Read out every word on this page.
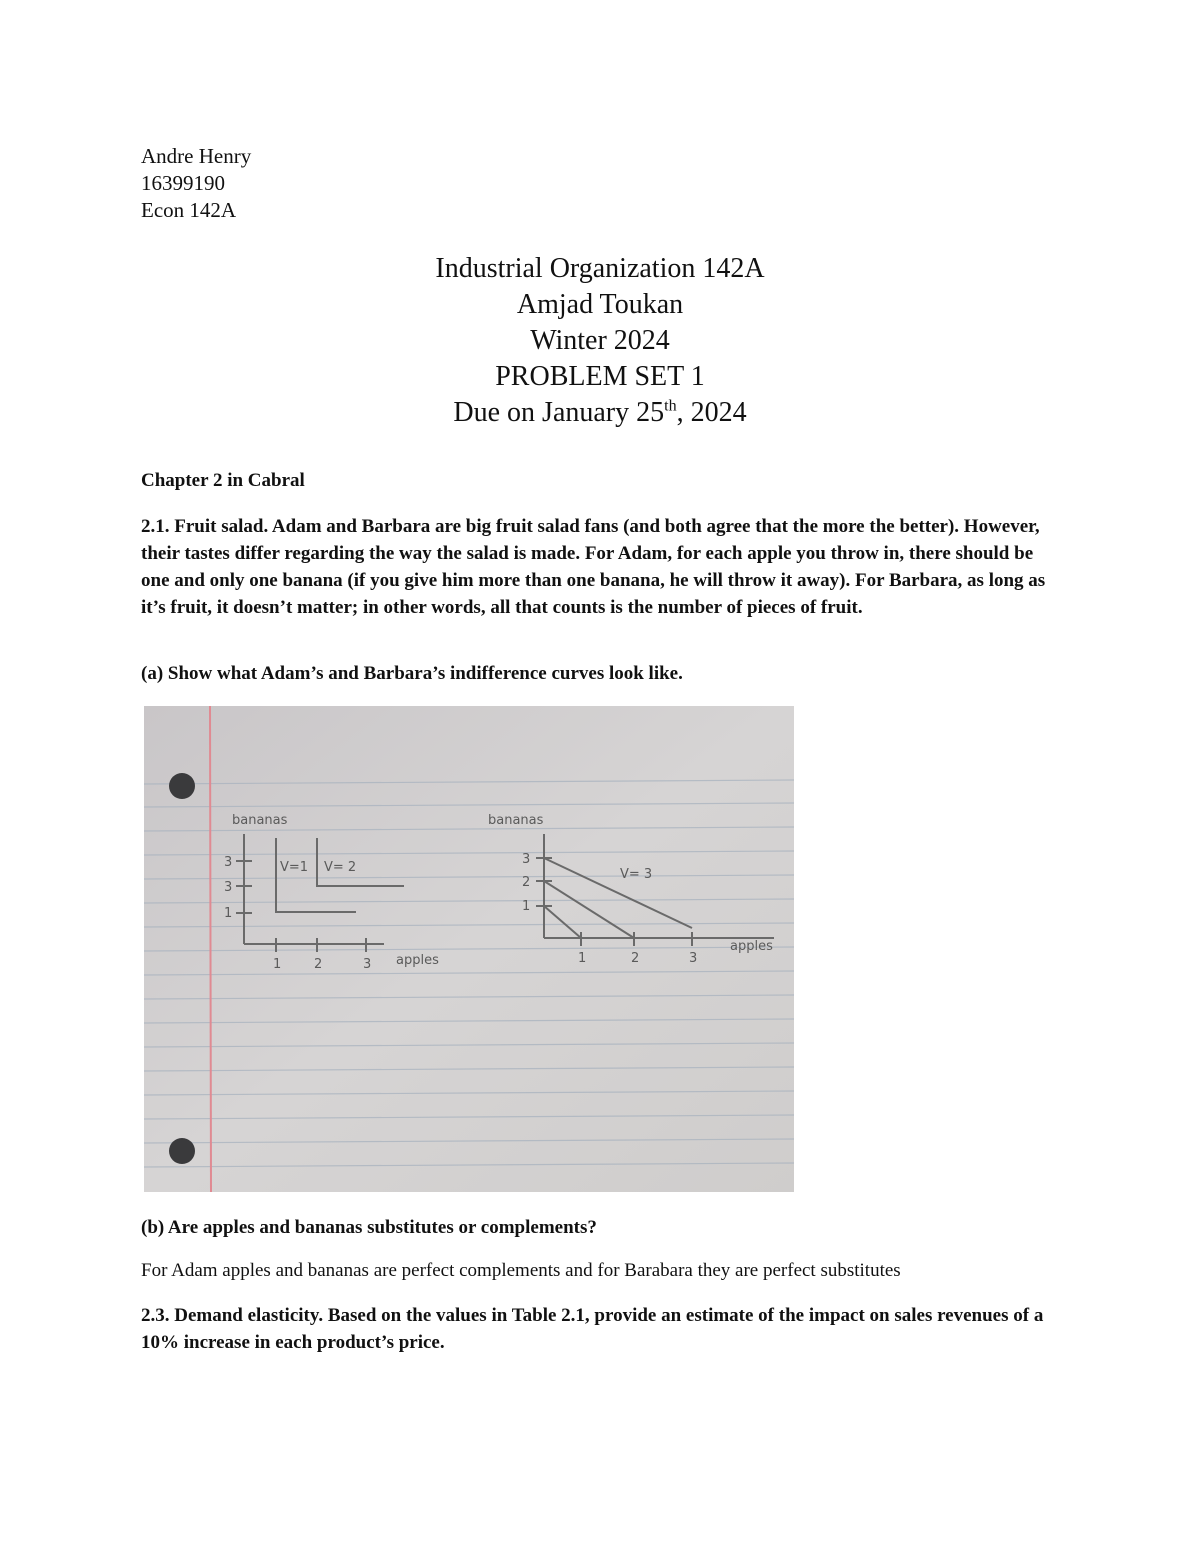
Andre Henry
16399190
Econ 142A
Industrial Organization 142A
Amjad Toukan
Winter 2024
PROBLEM SET 1
Due on January 25th, 2024
Chapter 2 in Cabral
2.1. Fruit salad. Adam and Barbara are big fruit salad fans (and both agree that the more the better). However, their tastes differ regarding the way the salad is made. For Adam, for each apple you throw in, there should be one and only one banana (if you give him more than one banana, he will throw it away). For Barbara, as long as it’s fruit, it doesn’t matter; in other words, all that counts is the number of pieces of fruit.
(a) Show what Adam’s and Barbara’s indifference curves look like.
bananas
apples
3
3
1
1	2	3
V=1 V= 2
bananas
apples
3
2
1
1	2	3
V= 3
(b) Are apples and bananas substitutes or complements?
For Adam apples and bananas are perfect complements and for Barabara they are perfect substitutes
2.3. Demand elasticity. Based on the values in Table 2.1, provide an estimate of the impact on sales revenues of a 10% increase in each product’s price.
